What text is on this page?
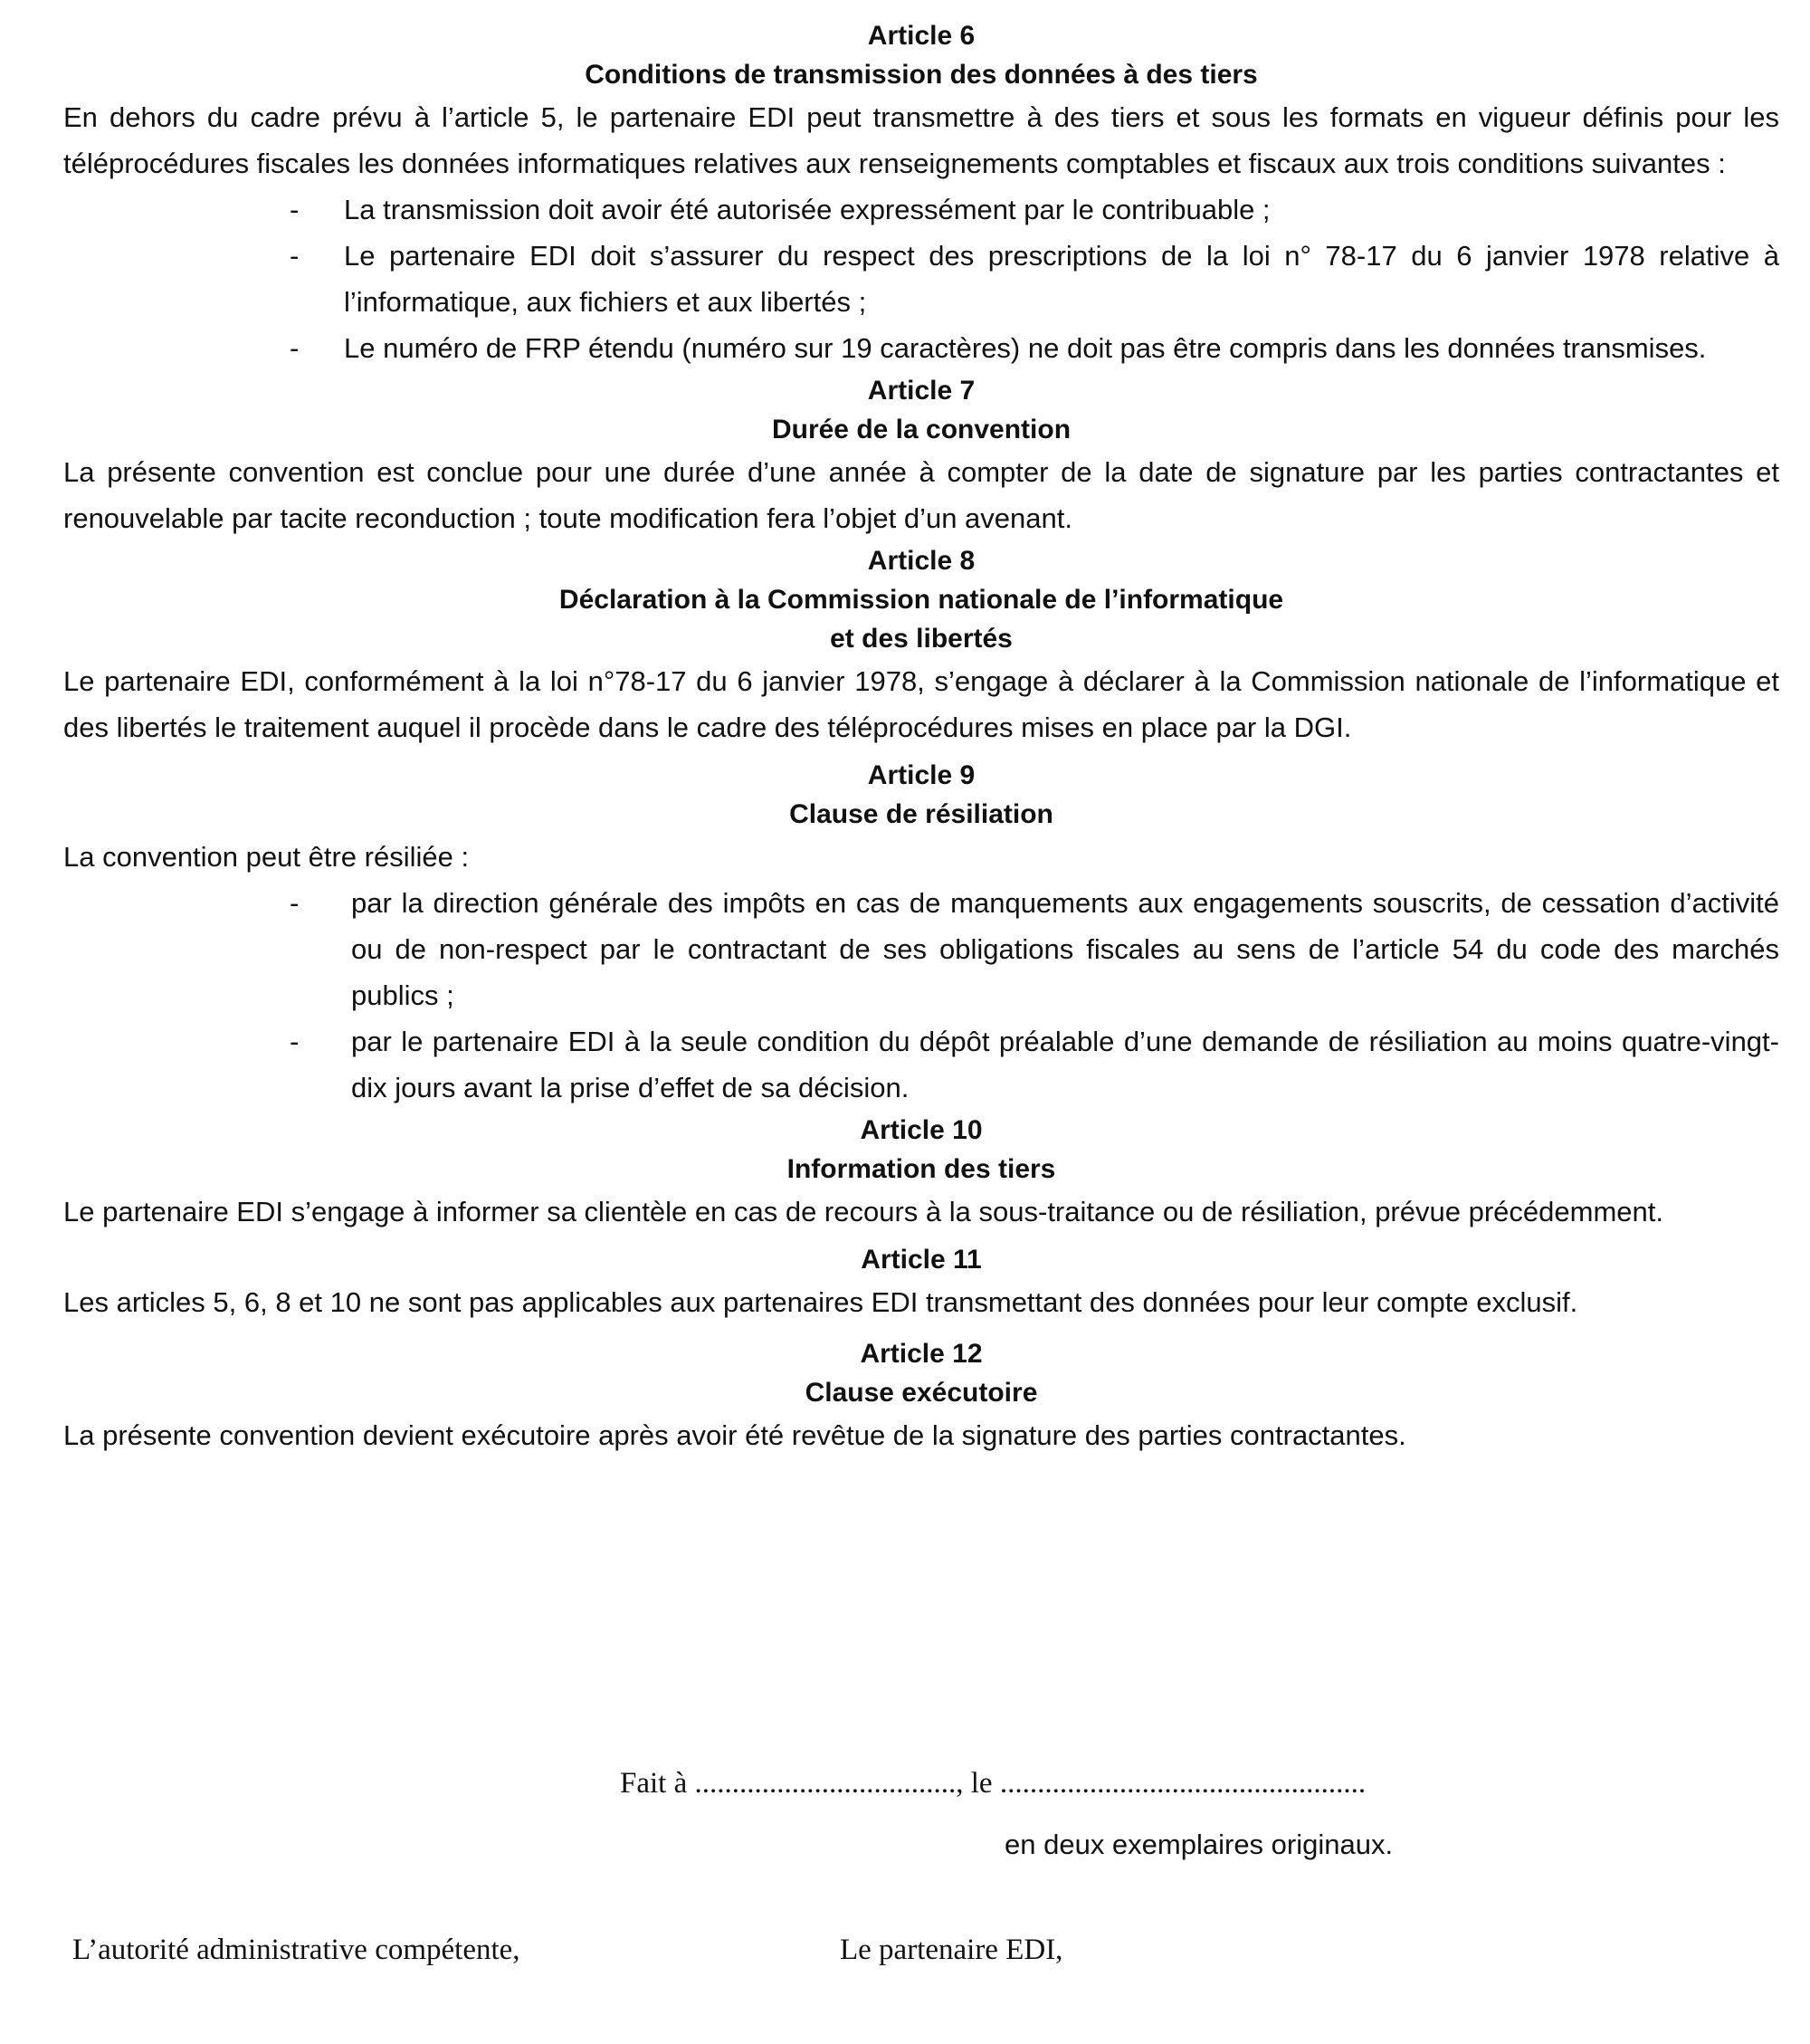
Article 6

Conditions de transmission des données à des tiers

En dehors du cadre prévu à l’article 5, le partenaire EDI peut transmettre à des tiers et sous les formats en vigueur définis pour les téléprocédures fiscales les données informatiques relatives aux renseignements comptables et fiscaux aux trois conditions suivantes :

- La transmission doit avoir été autorisée expressément par le contribuable ;
- Le partenaire EDI doit s’assurer du respect des prescriptions de la loi n° 78-17 du 6 janvier 1978 relative à l’informatique, aux fichiers et aux libertés ;
- Le numéro de FRP étendu (numéro sur 19 caractères) ne doit pas être compris dans les données transmises.

Article 7

Durée de la convention

La présente convention est conclue pour une durée d’une année à compter de la date de signature par les parties contractantes et renouvelable par tacite reconduction ; toute modification fera l’objet d’un avenant.

Article 8

Déclaration à la Commission nationale de l’informatique

et des libertés

Le partenaire EDI, conformément à la loi n°78-17 du 6 janvier 1978, s’engage à déclarer à la Commission nationale de l’informatique et des libertés le traitement auquel il procède dans le cadre des téléprocédures mises en place par la DGI.

Article 9

Clause de résiliation

La convention peut être résiliée :

- par la direction générale des impôts en cas de manquements aux engagements souscrits, de cessation d’activité ou de non-respect par le contractant de ses obligations fiscales au sens de l’article 54 du code des marchés publics ;
- par le partenaire EDI à la seule condition du dépôt préalable d’une demande de résiliation au moins quatre-vingt-dix jours avant la prise d’effet de sa décision.

Article 10

Information des tiers

Le partenaire EDI s’engage à informer sa clientèle en cas de recours à la sous-traitance ou de résiliation, prévue précédemment.

Article 11

Les articles 5, 6, 8 et 10 ne sont pas applicables aux partenaires EDI transmettant des données pour leur compte exclusif.

Article 12

Clause exécutoire

La présente convention devient exécutoire après avoir été revêtue de la signature des parties contractantes.

Fait à ..................................., le .................................................
en deux exemplaires originaux.
L’autorité administrative compétente,	Le partenaire EDI,
